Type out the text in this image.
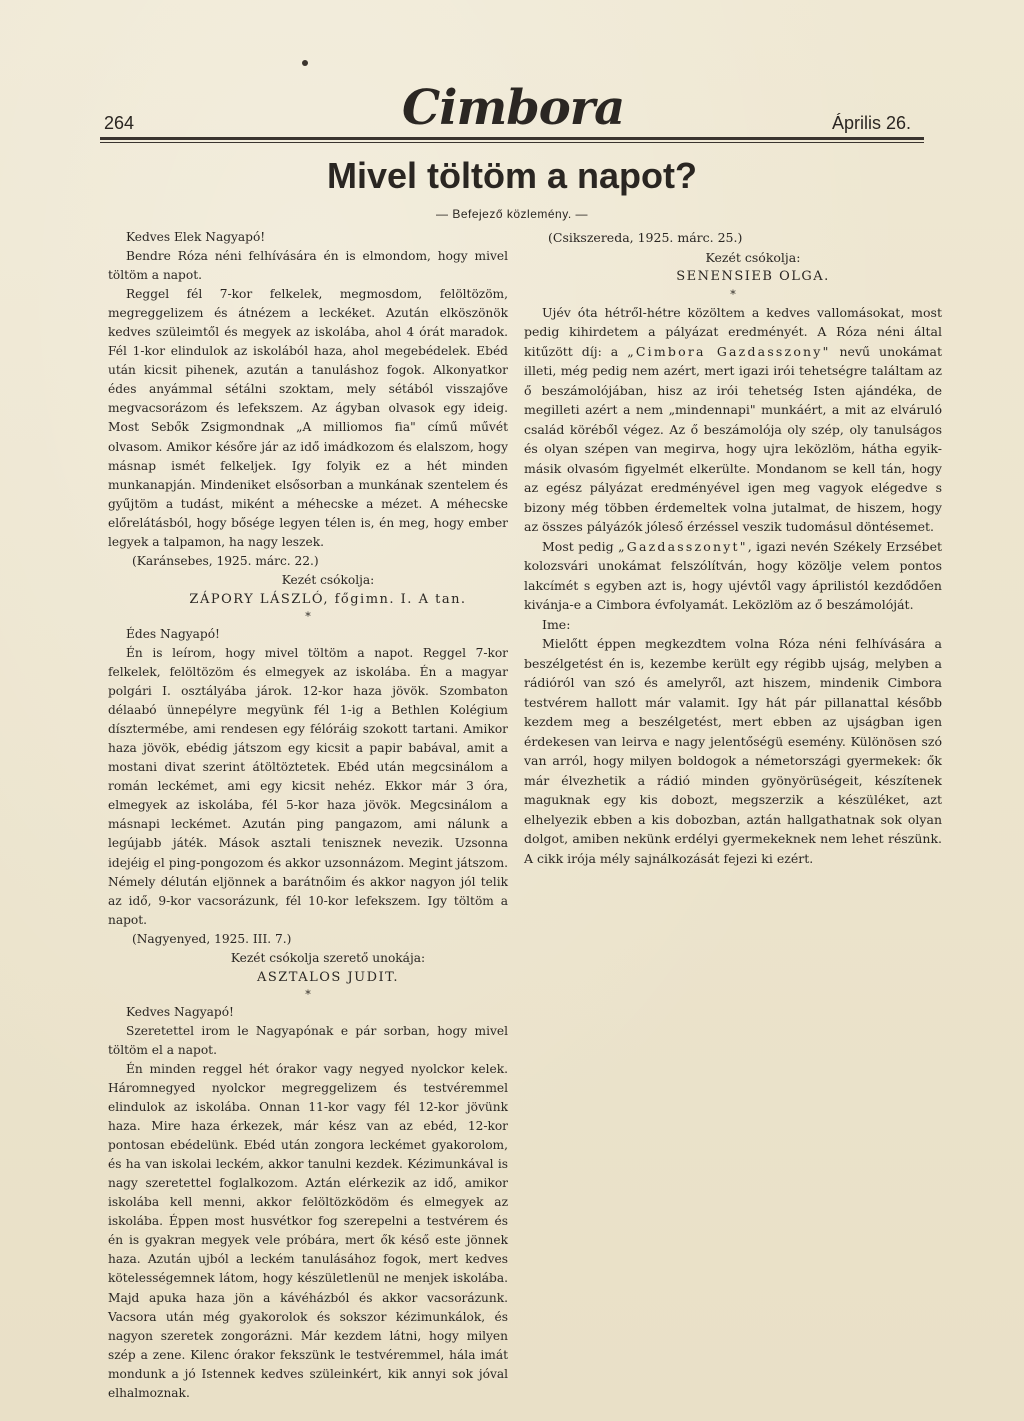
264	Cimbora	Április 26.
Mivel töltöm a napot?
— Befejező közlemény. —

Kedves Elek Nagyapó!

Bendre Róza néni felhívására én is elmondom, hogy mivel töltöm a napot.

Reggel fél 7-kor felkelek, megmosdom, felöltözöm, megreggelizem és átnézem a leckéket. Azután elköszönök kedves szüleimtől és megyek az iskolába, ahol 4 órát maradok. Fél 1-kor elindulok az iskolából haza, ahol megebédelek. Ebéd után kicsit pihenek, azután a tanuláshoz fogok. Alkonyatkor édes anyámmal sétálni szoktam, mely sétából visszajőve megvacsorázom és lefekszem. Az ágyban olvasok egy ideig. Most Sebők Zsigmondnak „A milliomos fia" című művét olvasom. Amikor későre jár az idő imádkozom és elalszom, hogy másnap ismét felkeljek. Igy folyik ez a hét minden munkanapján. Mindeniket elsősorban a munkának szentelem és gyűjtöm a tudást, miként a méhecske a mézet. A méhecske előrelátásból, hogy bősége legyen télen is, én meg, hogy ember legyek a talpamon, ha nagy leszek.

(Karánsebes, 1925. márc. 22.)

Kezét csókolja:

ZÁPORY LÁSZLÓ, főgimn. I. A tan.

*

Édes Nagyapó!

Én is leírom, hogy mivel töltöm a napot. Reggel 7-kor felkelek, felöltözöm és elmegyek az iskolába. Én a magyar polgári I. osztályába járok. 12-kor haza jövök. Szombaton délaabó ünnepélyre megyünk fél 1-ig a Bethlen Kolégium dísztermébe, ami rendesen egy félóráig szokott tartani. Amikor haza jövök, ebédig játszom egy kicsit a papir babával, amit a mostani divat szerint átöltöztetek. Ebéd után megcsinálom a román leckémet, ami egy kicsit nehéz. Ekkor már 3 óra, elmegyek az iskolába, fél 5-kor haza jövök. Megcsinálom a másnapi leckémet. Azután ping pangazom, ami nálunk a legújabb játék. Mások asztali tenisznek nevezik. Uzsonna idejéig el ping-pongozom és akkor uzsonnázom. Megint játszom. Némely délután eljönnek a barátnőim és akkor nagyon jól telik az idő, 9-kor vacsorázunk, fél 10-kor lefekszem. Igy töltöm a napot.

(Nagyenyed, 1925. III. 7.)

Kezét csókolja szerető unokája:

ASZTALOS JUDIT.

*

Kedves Nagyapó!

Szeretettel irom le Nagyapónak e pár sorban, hogy mivel töltöm el a napot.

Én minden reggel hét órakor vagy negyed nyolckor kelek. Háromnegyed nyolckor megreggelizem és testvéremmel elindulok az iskolába. Onnan 11-kor vagy fél 12-kor jövünk haza. Mire haza érkezek, már kész van az ebéd, 12-kor pontosan ebédelünk. Ebéd után zongora leckémet gyakorolom, és ha van iskolai leckém, akkor tanulni kezdek. Kézimunkával is nagy szeretettel foglalkozom. Aztán elérkezik az idő, amikor iskolába kell menni, akkor felöltözködöm és elmegyek az iskolába. Éppen most husvétkor fog szerepelni a testvérem és én is gyakran megyek vele próbára, mert ők késő este jönnek haza. Azután ujból a leckém tanulásához fogok, mert kedves kötelességemnek látom, hogy készületlenül ne menjek iskolába. Majd apuka haza jön a kávéházból és akkor vacsorázunk. Vacsora után még gyakorolok és sokszor kézimunkálok, és nagyon szeretek zongorázni. Már kezdem látni, hogy milyen szép a zene. Kilenc órakor fekszünk le testvéremmel, hála imát mondunk a jó Istennek kedves szüleinkért, kik annyi sok jóval elhalmoznak.

(Csikszereda, 1925. márc. 25.)

Kezét csókolja:

SENENSIEB OLGA.

*

Ujév óta hétről-hétre közöltem a kedves vallomásokat, most pedig kihirdetem a pályázat eredményét. A Róza néni által kitűzött díj: a „Cimbora Gazdasszony" nevű unokámat illeti, még pedig nem azért, mert igazi irói tehetségre találtam az ő beszámolójában, hisz az irói tehetség Isten ajándéka, de megilleti azért a nem „mindennapi" munkáért, a mit az elváruló család köréből végez. Az ő beszámolója oly szép, oly tanulságos és olyan szépen van megirva, hogy ujra leközlöm, hátha egyik-másik olvasóm figyelmét elkerülte. Mondanom se kell tán, hogy az egész pályázat eredményével igen meg vagyok elégedve s bizony még többen érdemeltek volna jutalmat, de hiszem, hogy az összes pályázók jóleső érzéssel veszik tudomásul döntésemet.

Most pedig „Gazdasszonyt", igazi nevén Székely Erzsébet kolozsvári unokámat felszólítván, hogy közölje velem pontos lakcímét s egyben azt is, hogy ujévtől vagy áprilistól kezdődően kivánja-e a Cimbora évfolyamát. Leközlöm az ő beszámolóját.

Ime:

Mielőtt éppen megkezdtem volna Róza néni felhívására a beszélgetést én is, kezembe került egy régibb ujság, melyben a rádióról van szó és amelyről, azt hiszem, mindenik Cimbora testvérem hallott már valamit. Igy hát pár pillanattal később kezdem meg a beszélgetést, mert ebben az ujságban igen érdekesen van leirva e nagy jelentőségü esemény. Különösen szó van arról, hogy milyen boldogok a németországi gyermekek: ők már élvezhetik a rádió minden gyönyörüségeit, készítenek maguknak egy kis dobozt, megszerzik a készüléket, azt elhelyezik ebben a kis dobozban, aztán hallgathatnak sok olyan dolgot, amiben nekünk erdélyi gyermekeknek nem lehet részünk. A cikk irója mély sajnálkozását fejezi ki ezért.
